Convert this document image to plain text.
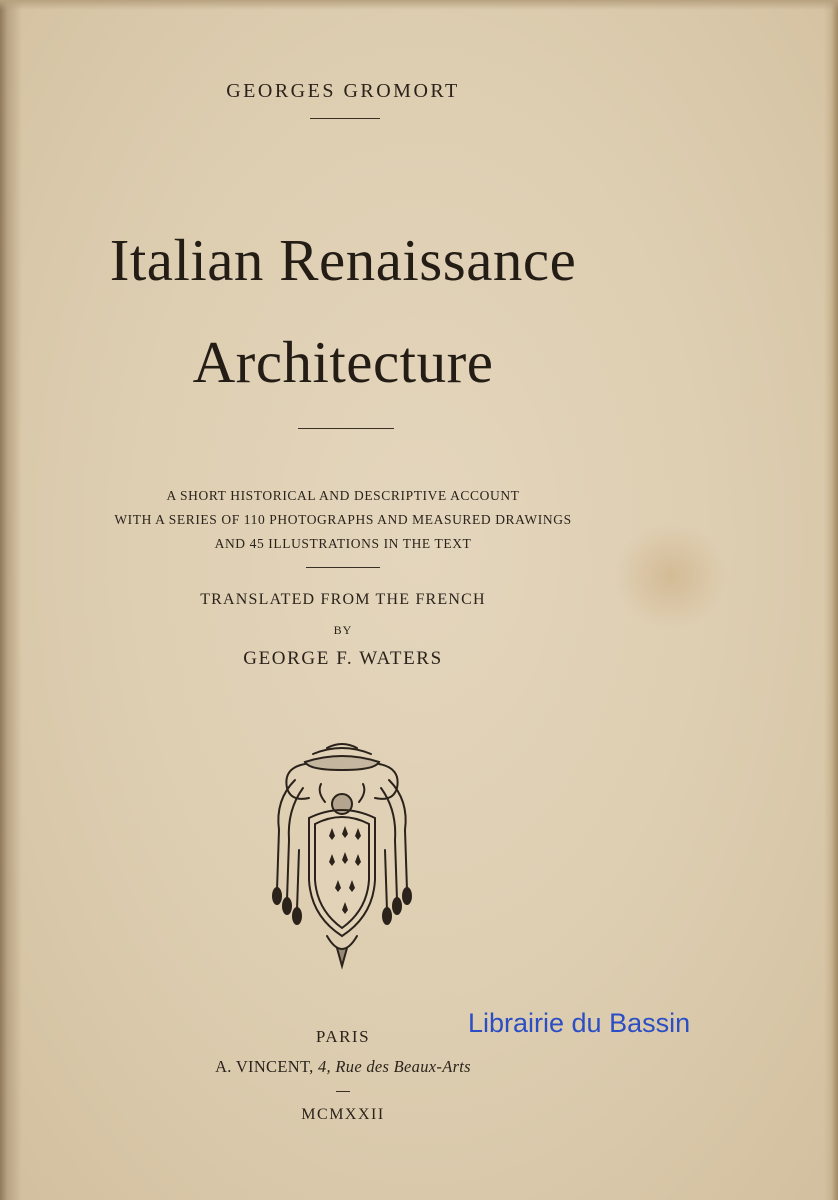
GEORGES GROMORT
Italian Renaissance
Architecture
A SHORT HISTORICAL AND DESCRIPTIVE ACCOUNT
WITH A SERIES OF 110 PHOTOGRAPHS AND MEASURED DRAWINGS
AND 45 ILLUSTRATIONS IN THE TEXT
TRANSLATED FROM THE FRENCH
BY
GEORGE F. WATERS
PARIS
A. VINCENT, 4, Rue des Beaux-Arts
MCMXXII
Librairie du Bassin
